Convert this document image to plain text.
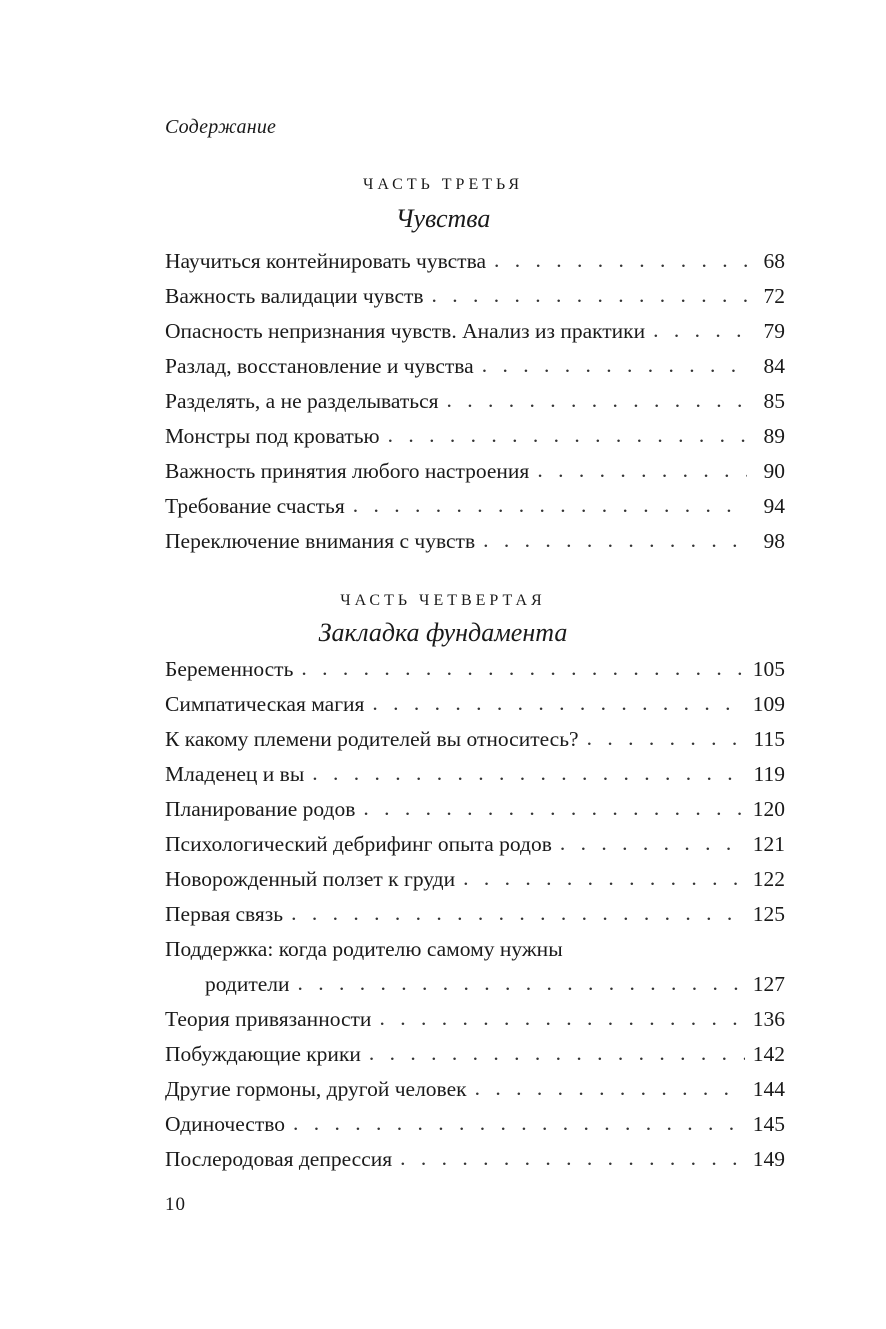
Содержание
ЧАСТЬ ТРЕТЬЯ
Чувства
Научиться контейнировать чувства . . .	68
Важность валидации чувств . . .	72
Опасность непризнания чувств. Анализ из практики . . .	79
Разлад, восстановление и чувства . . .	84
Разделять, а не разделываться . . .	85
Монстры под кроватью . . .	89
Важность принятия любого настроения . . .	90
Требование счастья . . .	94
Переключение внимания с чувств . . .	98
ЧАСТЬ ЧЕТВЕРТАЯ
Закладка фундамента
Беременность . . .	105
Симпатическая магия . . .	109
К какому племени родителей вы относитесь? . . .	115
Младенец и вы . . .	119
Планирование родов . . .	120
Психологический дебрифинг опыта родов . . .	121
Новорожденный ползет к груди . . .	122
Первая связь . . .	125
Поддержка: когда родителю самому нужны
родители . . .	127
Теория привязанности . . .	136
Побуждающие крики . . .	142
Другие гормоны, другой человек . . .	144
Одиночество . . .	145
Послеродовая депрессия . . .	149
10
